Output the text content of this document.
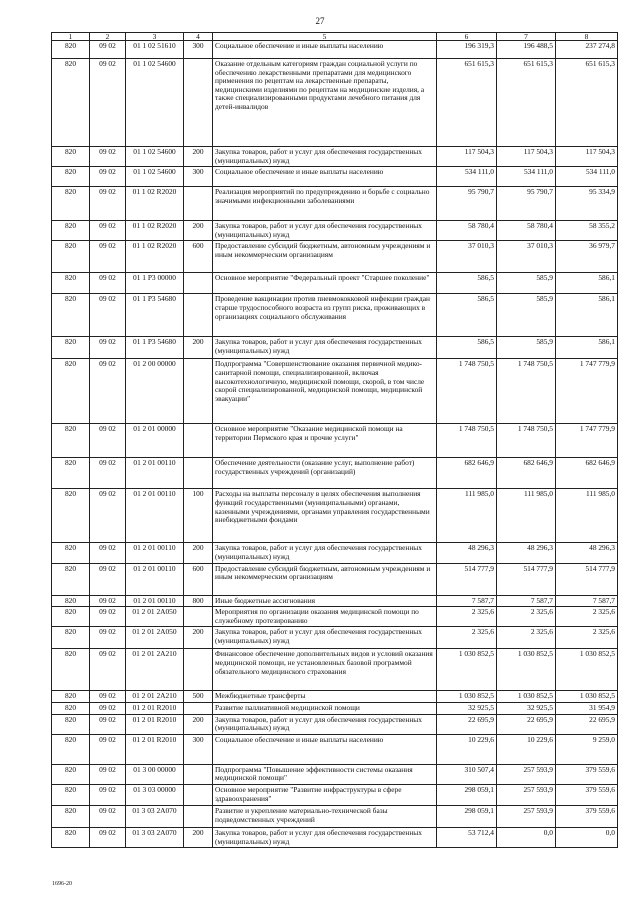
27
1	2	3	4	5	6	7	8
820	09 02	01 1 02 51610	300	Социальное обеспечение и иные выплаты населению	196 319,3	196 488,5	237 274,8
820	09 02	01 1 02 54600		Оказание отдельным категориям граждан социальной услуги по обеспечению лекарственными препаратами для медицинского применения по рецептам на лекарственные препараты, медицинскими изделиями по рецептам на медицинские изделия, а также специализированными продуктами лечебного питания для детей-инвалидов	651 615,3	651 615,3	651 615,3
820	09 02	01 1 02 54600	200	Закупка товаров, работ и услуг для обеспечения государственных (муниципальных) нужд	117 504,3	117 504,3	117 504,3
820	09 02	01 1 02 54600	300	Социальное обеспечение и иные выплаты населению	534 111,0	534 111,0	534 111,0
820	09 02	01 1 02 R2020		Реализация мероприятий по предупреждению и борьбе с социально значимыми инфекционными заболеваниями	95 790,7	95 790,7	95 334,9
820	09 02	01 1 02 R2020	200	Закупка товаров, работ и услуг для обеспечения государственных (муниципальных) нужд	58 780,4	58 780,4	58 355,2
820	09 02	01 1 02 R2020	600	Предоставление субсидий бюджетным, автономным учреждениям и иным некоммерческим организациям	37 010,3	37 010,3	36 979,7
820	09 02	01 1 P3 00000		Основное мероприятие "Федеральный проект "Старшее поколение"	586,5	585,9	586,1
820	09 02	01 1 P3 54680		Проведение вакцинации против пневмококковой инфекции граждан старше трудоспособного возраста из групп риска, проживающих в организациях социального обслуживания	586,5	585,9	586,1
820	09 02	01 1 P3 54680	200	Закупка товаров, работ и услуг для обеспечения государственных (муниципальных) нужд	586,5	585,9	586,1
820	09 02	01 2 00 00000		Подпрограмма "Совершенствование оказания первичной медико-санитарной помощи, специализированной, включая высокотехнологичную, медицинской помощи, скорой, в том числе скорой специализированной, медицинской помощи, медицинской эвакуации"	1 748 750,5	1 748 750,5	1 747 779,9
820	09 02	01 2 01 00000		Основное мероприятие "Оказание медицинской помощи на территории Пермского края и прочие услуги"	1 748 750,5	1 748 750,5	1 747 779,9
820	09 02	01 2 01 00110		Обеспечение деятельности (оказание услуг, выполнение работ) государственных учреждений (организаций)	682 646,9	682 646,9	682 646,9
820	09 02	01 2 01 00110	100	Расходы на выплаты персоналу в целях обеспечения выполнения функций государственными (муниципальными) органами, казенными учреждениями, органами управления государственными внебюджетными фондами	111 985,0	111 985,0	111 985,0
820	09 02	01 2 01 00110	200	Закупка товаров, работ и услуг для обеспечения государственных (муниципальных) нужд	48 296,3	48 296,3	48 296,3
820	09 02	01 2 01 00110	600	Предоставление субсидий бюджетным, автономным учреждениям и иным некоммерческим организациям	514 777,9	514 777,9	514 777,9
820	09 02	01 2 01 00110	800	Иные бюджетные ассигнования	7 587,7	7 587,7	7 587,7
820	09 02	01 2 01 2A050		Мероприятия по организации оказания медицинской помощи по служебному протезированию	2 325,6	2 325,6	2 325,6
820	09 02	01 2 01 2A050	200	Закупка товаров, работ и услуг для обеспечения государственных (муниципальных) нужд	2 325,6	2 325,6	2 325,6
820	09 02	01 2 01 2A210		Финансовое обеспечение дополнительных видов и условий оказания медицинской помощи, не установленных базовой программой обязательного медицинского страхования	1 030 852,5	1 030 852,5	1 030 852,5
820	09 02	01 2 01 2A210	500	Межбюджетные трансферты	1 030 852,5	1 030 852,5	1 030 852,5
820	09 02	01 2 01 R2010		Развитие паллиативной медицинской помощи	32 925,5	32 925,5	31 954,9
820	09 02	01 2 01 R2010	200	Закупка товаров, работ и услуг для обеспечения государственных (муниципальных) нужд	22 695,9	22 695,9	22 695,9
820	09 02	01 2 01 R2010	300	Социальное обеспечение и иные выплаты населению	10 229,6	10 229,6	9 259,0
820	09 02	01 3 00 00000		Подпрограмма "Повышение эффективности системы оказания медицинской помощи"	310 507,4	257 593,9	379 559,6
820	09 02	01 3 03 00000		Основное мероприятие "Развитие инфраструктуры в сфере здравоохранения"	298 059,1	257 593,9	379 559,6
820	09 02	01 3 03 2A070		Развитие и укрепление материально-технической базы подведомственных учреждений	298 059,1	257 593,9	379 559,6
820	09 02	01 3 03 2A070	200	Закупка товаров, работ и услуг для обеспечения государственных (муниципальных) нужд	53 712,4	0,0	0,0
1696-20
